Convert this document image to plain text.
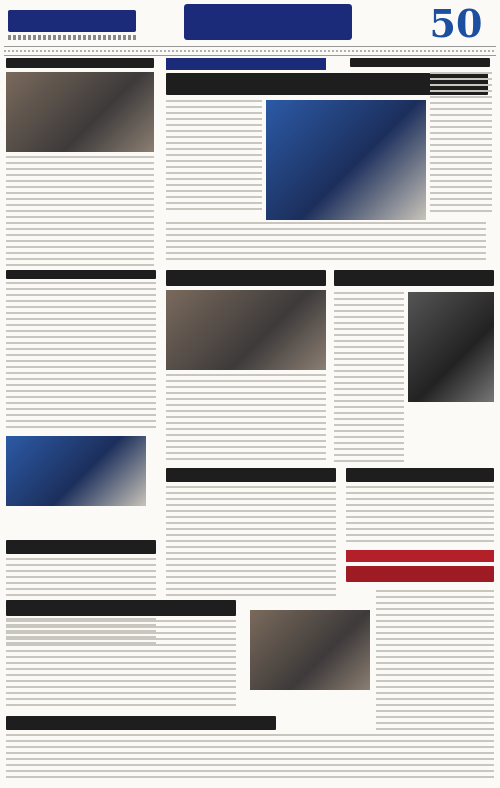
50
